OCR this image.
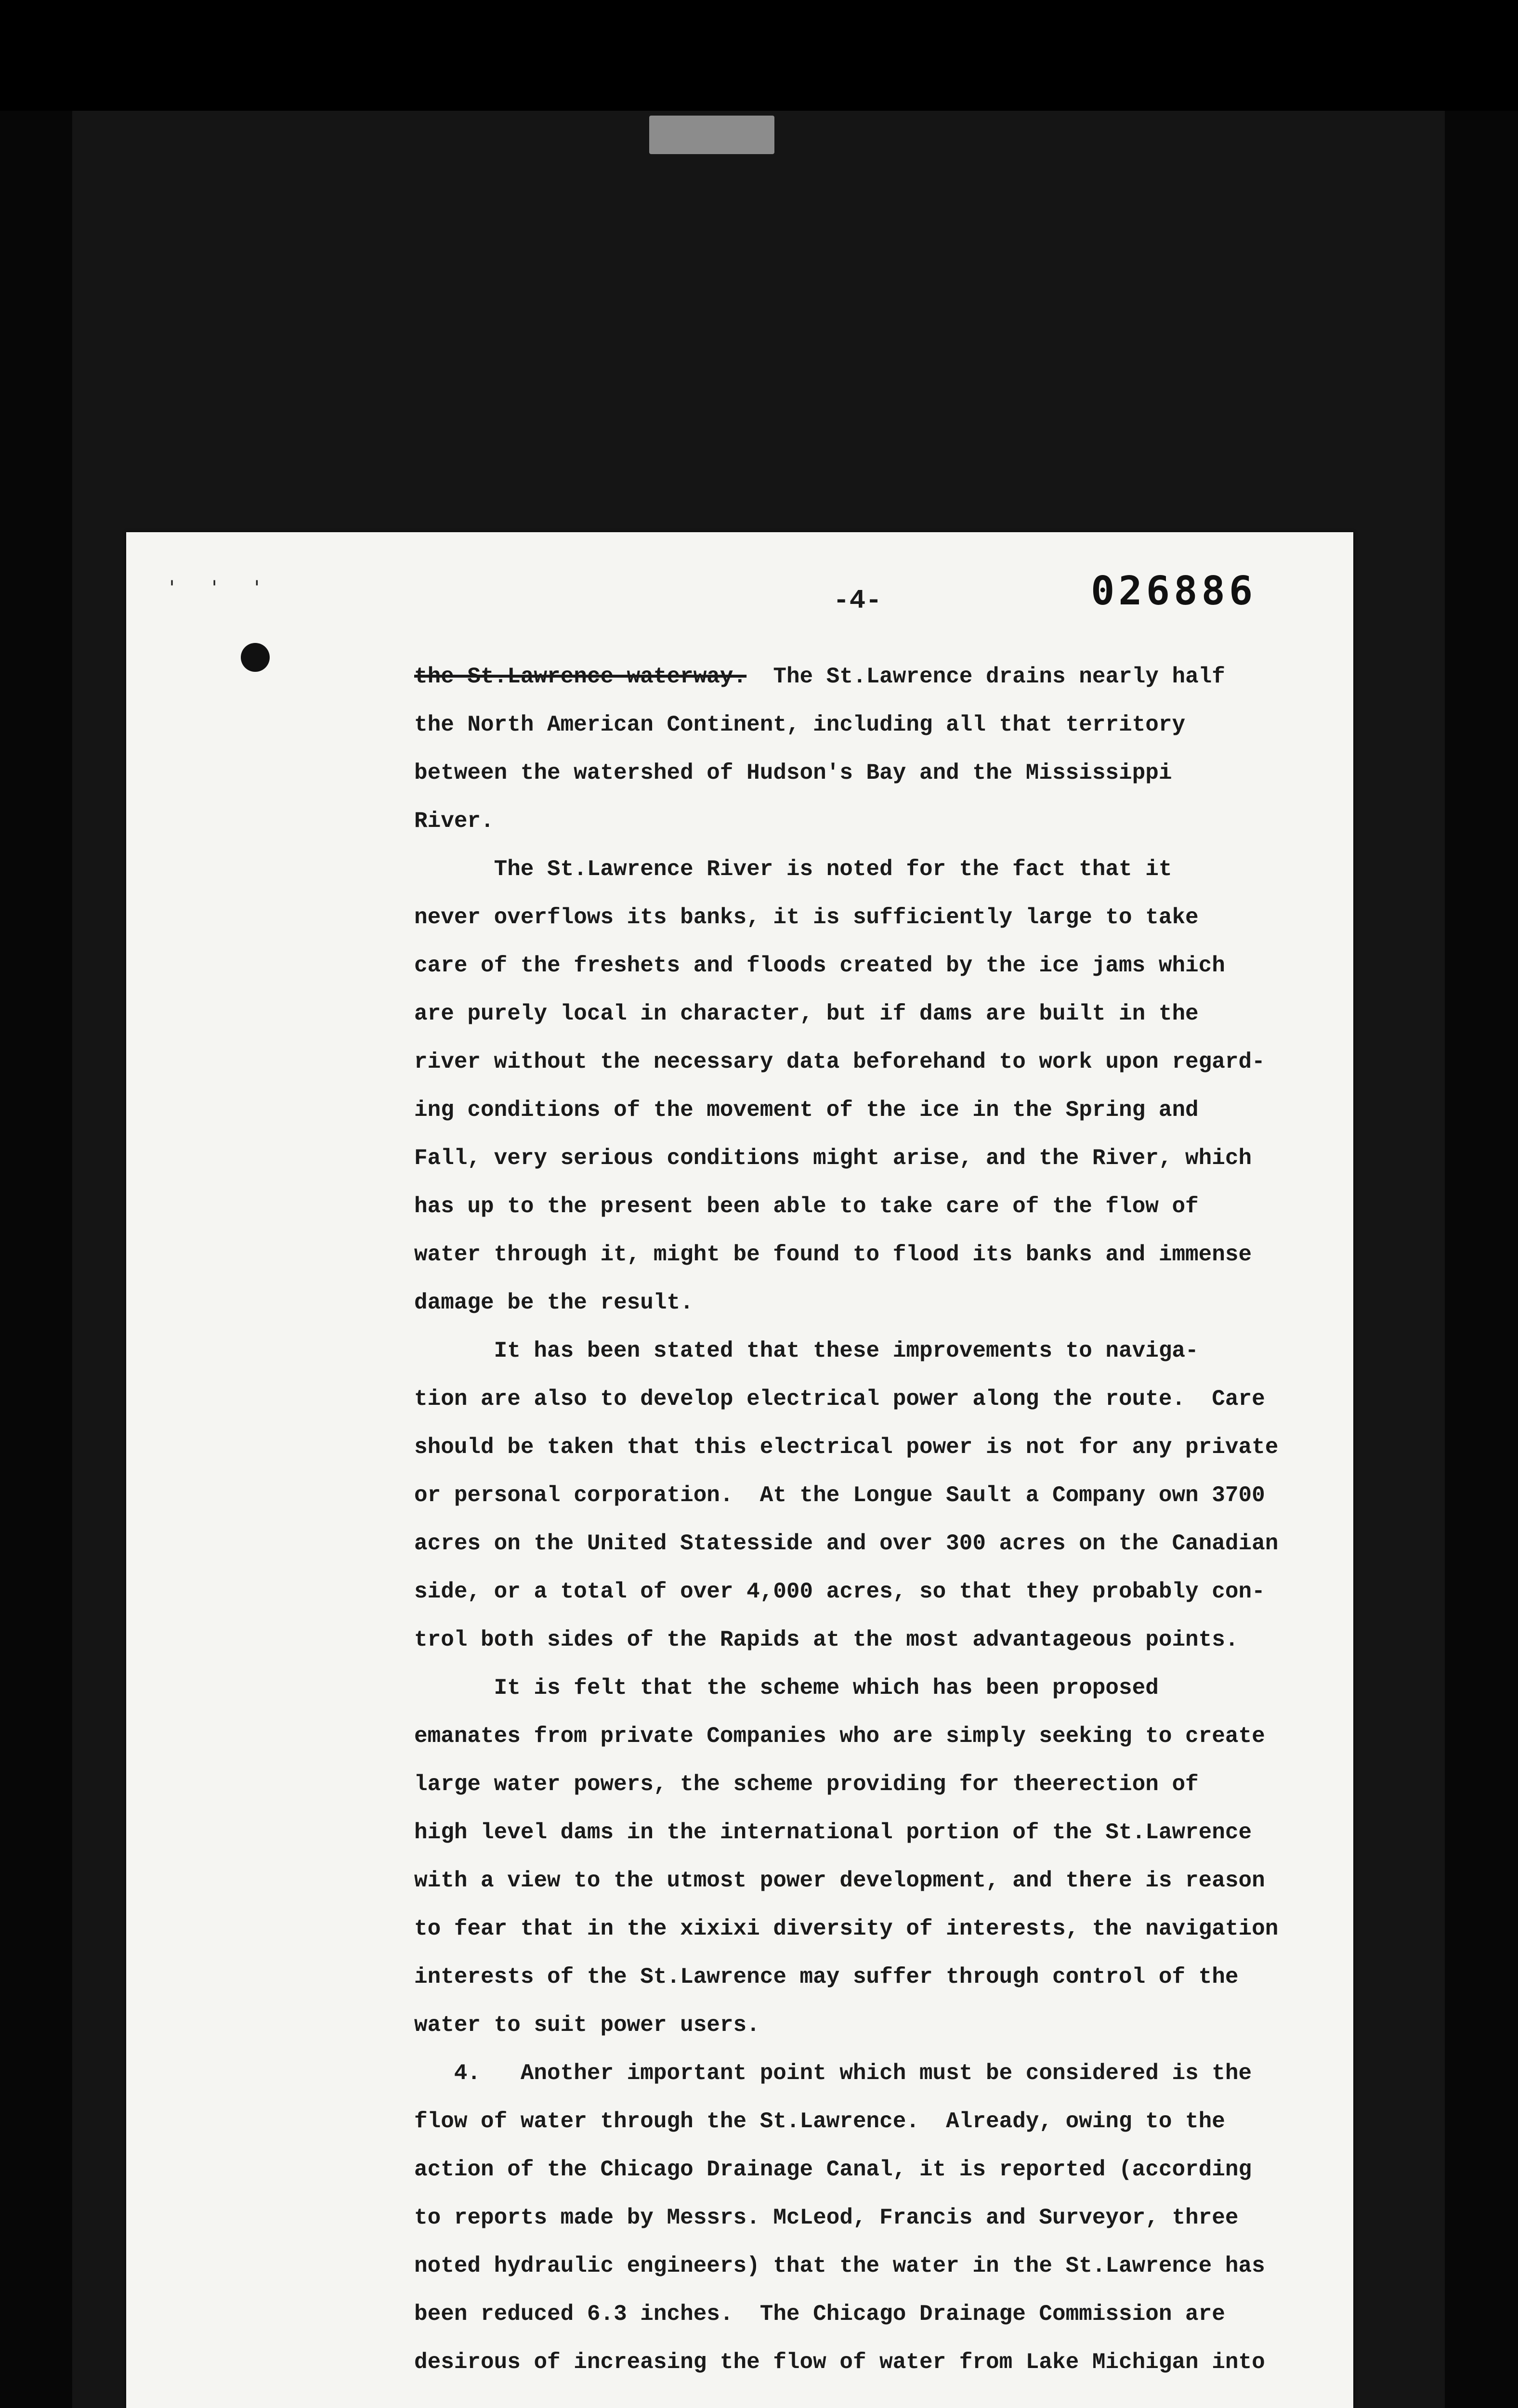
' ' '	-4-	026886
the St.Lawrence waterway.  The St.Lawrence drains nearly half
the North American Continent, including all that territory
between the watershed of Hudson's Bay and the Mississippi
River.
The St.Lawrence River is noted for the fact that it
never overflows its banks, it is sufficiently large to take
care of the freshets and floods created by the ice jams which
are purely local in character, but if dams are built in the
river without the necessary data beforehand to work upon regard-
ing conditions of the movement of the ice in the Spring and
Fall, very serious conditions might arise, and the River, which
has up to the present been able to take care of the flow of
water through it, might be found to flood its banks and immense
damage be the result.
It has been stated that these improvements to naviga-
tion are also to develop electrical power along the route.  Care
should be taken that this electrical power is not for any private
or personal corporation.  At the Longue Sault a Company own 3700
acres on the United Statesside and over 300 acres on the Canadian
side, or a total of over 4,000 acres, so that they probably con-
trol both sides of the Rapids at the most advantageous points.
It is felt that the scheme which has been proposed
emanates from private Companies who are simply seeking to create
large water powers, the scheme providing for theerection of
high level dams in the international portion of the St.Lawrence
with a view to the utmost power development, and there is reason
to fear that in the xixixi diversity of interests, the navigation
interests of the St.Lawrence may suffer through control of the
water to suit power users.
4.   Another important point which must be considered is the
flow of water through the St.Lawrence.  Already, owing to the
action of the Chicago Drainage Canal, it is reported (according
to reports made by Messrs. McLeod, Francis and Surveyor, three
noted hydraulic engineers) that the water in the St.Lawrence has
been reduced 6.3 inches.  The Chicago Drainage Commission are
desirous of increasing the flow of water from Lake Michigan into
